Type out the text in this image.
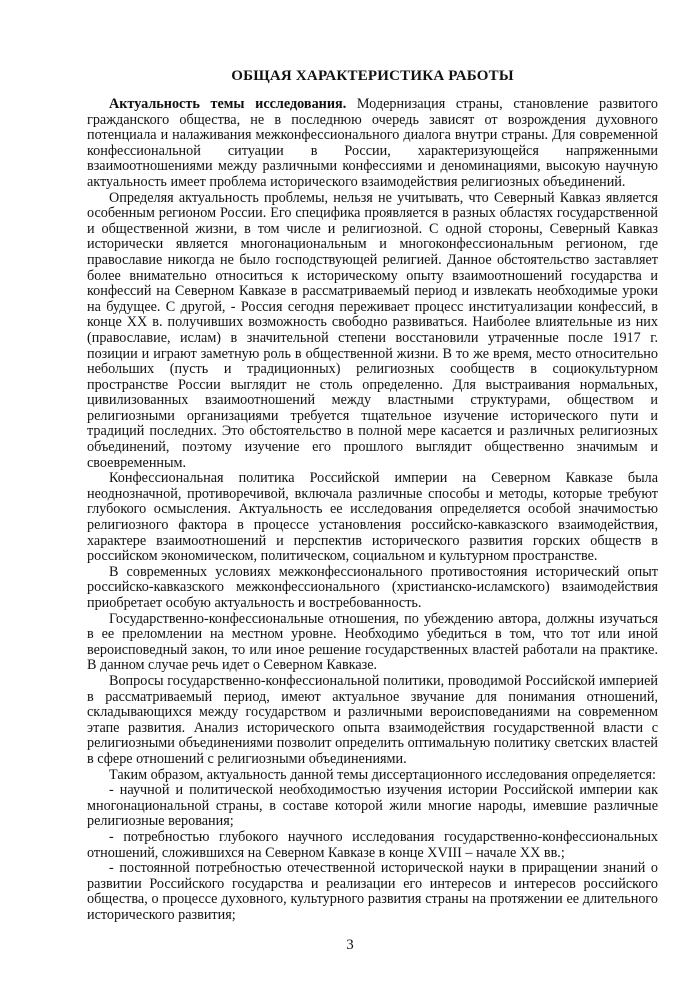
ОБЩАЯ ХАРАКТЕРИСТИКА РАБОТЫ

Актуальность темы исследования. Модернизация страны, становление развитого гражданского общества, не в последнюю очередь зависят от возрождения духовного потенциала и налаживания межконфессионального диалога внутри страны. Для современной конфессиональной ситуации в России, характеризующейся напряженными взаимоотношениями между различными конфессиями и деноминациями, высокую научную актуальность имеет проблема исторического взаимодействия религиозных объединений.

Определяя актуальность проблемы, нельзя не учитывать, что Северный Кавказ является особенным регионом России. Его специфика проявляется в разных областях государственной и общественной жизни, в том числе и религиозной. С одной стороны, Северный Кавказ исторически является многонациональным и многоконфессиональным регионом, где православие никогда не было господствующей религией. Данное обстоятельство заставляет более внимательно относиться к историческому опыту взаимоотношений государства и конфессий на Северном Кавказе в рассматриваемый период и извлекать необходимые уроки на будущее. С другой, - Россия сегодня переживает процесс институализации конфессий, в конце XX в. получивших возможность свободно развиваться. Наиболее влиятельные из них (православие, ислам) в значительной степени восстановили утраченные после 1917 г. позиции и играют заметную роль в общественной жизни. В то же время, место относительно небольших (пусть и традиционных) религиозных сообществ в социокультурном пространстве России выглядит не столь определенно. Для выстраивания нормальных, цивилизованных взаимоотношений между властными структурами, обществом и религиозными организациями требуется тщательное изучение исторического пути и традиций последних. Это обстоятельство в полной мере касается и различных религиозных объединений, поэтому изучение его прошлого выглядит общественно значимым и своевременным.

Конфессиональная политика Российской империи на Северном Кавказе была неоднозначной, противоречивой, включала различные способы и методы, которые требуют глубокого осмысления. Актуальность ее исследования определяется особой значимостью религиозного фактора в процессе установления российско-кавказского взаимодействия, характере взаимоотношений и перспектив исторического развития горских обществ в российском экономическом, политическом, социальном и культурном пространстве.

В современных условиях межконфессионального противостояния исторический опыт российско-кавказского межконфессионального (христианско-исламского) взаимодействия приобретает особую актуальность и востребованность.

Государственно-конфессиональные отношения, по убеждению автора, должны изучаться в ее преломлении на местном уровне. Необходимо убедиться в том, что тот или иной вероисповедный закон, то или иное решение государственных властей работали на практике. В данном случае речь идет о Северном Кавказе.

Вопросы государственно-конфессиональной политики, проводимой Российской империей в рассматриваемый период, имеют актуальное звучание для понимания отношений, складывающихся между государством и различными вероисповеданиями на современном этапе развития. Анализ исторического опыта взаимодействия государственной власти с религиозными объединениями позволит определить оптимальную политику светских властей в сфере отношений с религиозными объединениями.

Таким образом, актуальность данной темы диссертационного исследования определяется:

- научной и политической необходимостью изучения истории Российской империи как многонациональной страны, в составе которой жили многие народы, имевшие различные религиозные верования;

- потребностью глубокого научного исследования государственно-конфессиональных отношений, сложившихся на Северном Кавказе в конце XVIII – начале XX вв.;

- постоянной потребностью отечественной исторической науки в приращении знаний о развитии Российского государства и реализации его интересов и интересов российского общества, о процессе духовного, культурного развития страны на протяжении ее длительного исторического развития;

3
